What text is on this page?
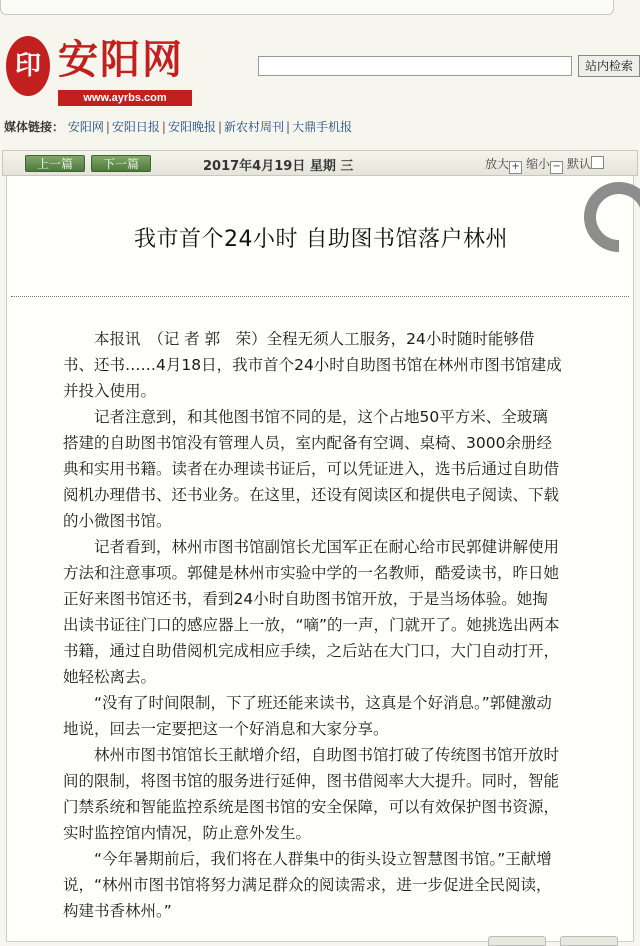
印 安阳网
www.ayrbs.com
站内检索
媒体链接： 安阳网 | 安阳日报 | 安阳晚报 | 新农村周刊 | 大鼎手机报
上一篇	下一篇	2017年4月19日 星期 三	放大 + 缩小 − 默认
我市首个24小时 自助图书馆落户林州

本报讯　（记 者 郭　荣）全程无须人工服务，24小时随时能够借书、还书……4月18日，我市首个24小时自助图书馆在林州市图书馆建成并投入使用。

记者注意到，和其他图书馆不同的是，这个占地50平方米、全玻璃搭建的自助图书馆没有管理人员，室内配备有空调、桌椅、3000余册经典和实用书籍。读者在办理读书证后，可以凭证进入，选书后通过自助借阅机办理借书、还书业务。在这里，还设有阅读区和提供电子阅读、下载的小微图书馆。

记者看到，林州市图书馆副馆长尤国军正在耐心给市民郭健讲解使用方法和注意事项。郭健是林州市实验中学的一名教师，酷爱读书，昨日她正好来图书馆还书，看到24小时自助图书馆开放，于是当场体验。她掏出读书证往门口的感应器上一放，“嘀”的一声，门就开了。她挑选出两本书籍，通过自助借阅机完成相应手续，之后站在大门口，大门自动打开，她轻松离去。

“没有了时间限制，下了班还能来读书，这真是个好消息。”郭健激动地说，回去一定要把这一个好消息和大家分享。

林州市图书馆馆长王献增介绍，自助图书馆打破了传统图书馆开放时间的限制，将图书馆的服务进行延伸，图书借阅率大大提升。同时，智能门禁系统和智能监控系统是图书馆的安全保障，可以有效保护图书资源，实时监控馆内情况，防止意外发生。

“今年暑期前后，我们将在人群集中的街头设立智慧图书馆。”王献增说，“林州市图书馆将努力满足群众的阅读需求，进一步促进全民阅读，构建书香林州。”
